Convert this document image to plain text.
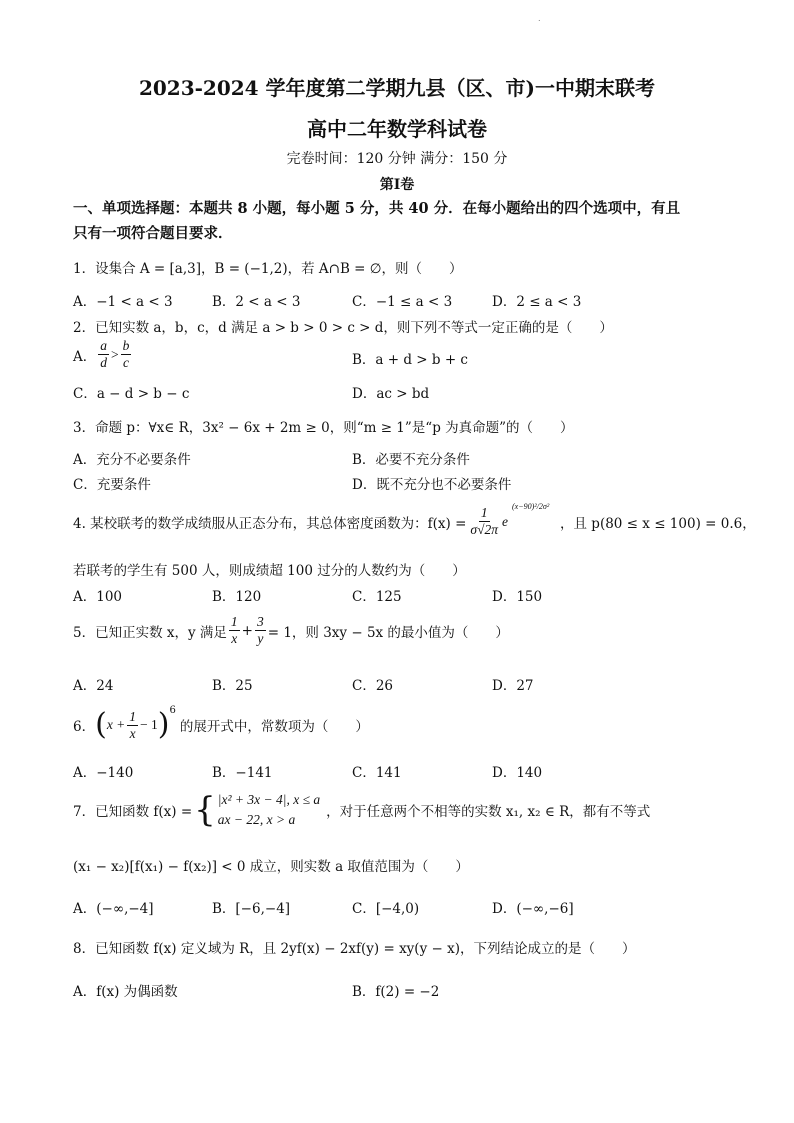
.
2023-2024 学年度第二学期九县（区、市)一中期末联考
高中二年数学科试卷
完卷时间：120 分钟 满分：150 分
第Ⅰ卷
一、单项选择题：本题共 8 小题，每小题 5 分，共 40 分．在每小题给出的四个选项中，有且
只有一项符合题目要求．
1．设集合 A = [a,3]，B = (−1,2)，若 A∩B = ∅，则（　　）
A．−1 < a < 3	B．2 < a < 3	C．−1 ≤ a < 3	D．2 ≤ a < 3
2．已知实数 a，b，c，d 满足 a > b > 0 > c > d，则下列不等式一定正确的是（　　）
A． $\frac{a}{d} > \frac{b}{c}$	B．a + d > b + c
C．a − d > b − c	D．ac > bd
3．命题 p：∀x∈ R，3x² − 6x + 2m ≥ 0，则“m ≥ 1”是“p 为真命题”的（　　）
A．充分不必要条件	B．必要不充分条件
C．充要条件	D．既不充分也不必要条件
4. 某校联考的数学成绩服从正态分布，其总体密度函数为：$f(x) = \frac{1}{\sigma√2\pi}$ e
(x−90)²/2σ²
，且 p(80 ≤ x ≤ 100) = 0.6，
若联考的学生有 500 人，则成绩超 100 过分的人数约为（　　）
A．100	B．120	C．125	D．150
5．已知正实数 x，y 满足 $\frac{1}{x} + \frac{3}{y} = 1$，则 3xy − 5x 的最小值为（　　）
A．24	B．25	C．26	D．27
6． ( $x + \frac{1}{x} - 1$ )$^6$
的展开式中，常数项为（　　）
A．−140	B．−141	C．141	D．140
7．已知函数 f(x) = { |x² + 3x − 4|, x ≤ a
ax − 22, x > a	，对于任意两个不相等的实数 x₁, x₂ ∈ R，都有不等式
(x₁ − x₂)[f(x₁) − f(x₂)] < 0 成立，则实数 a 取值范围为（　　）
A．(−∞,−4]	B．[−6,−4]	C．[−4,0)	D．(−∞,−6]
8．已知函数 f(x) 定义域为 R，且 2yf(x) − 2xf(y) = xy(y − x)，下列结论成立的是（　　）
A．f(x) 为偶函数	B．f(2) = −2
